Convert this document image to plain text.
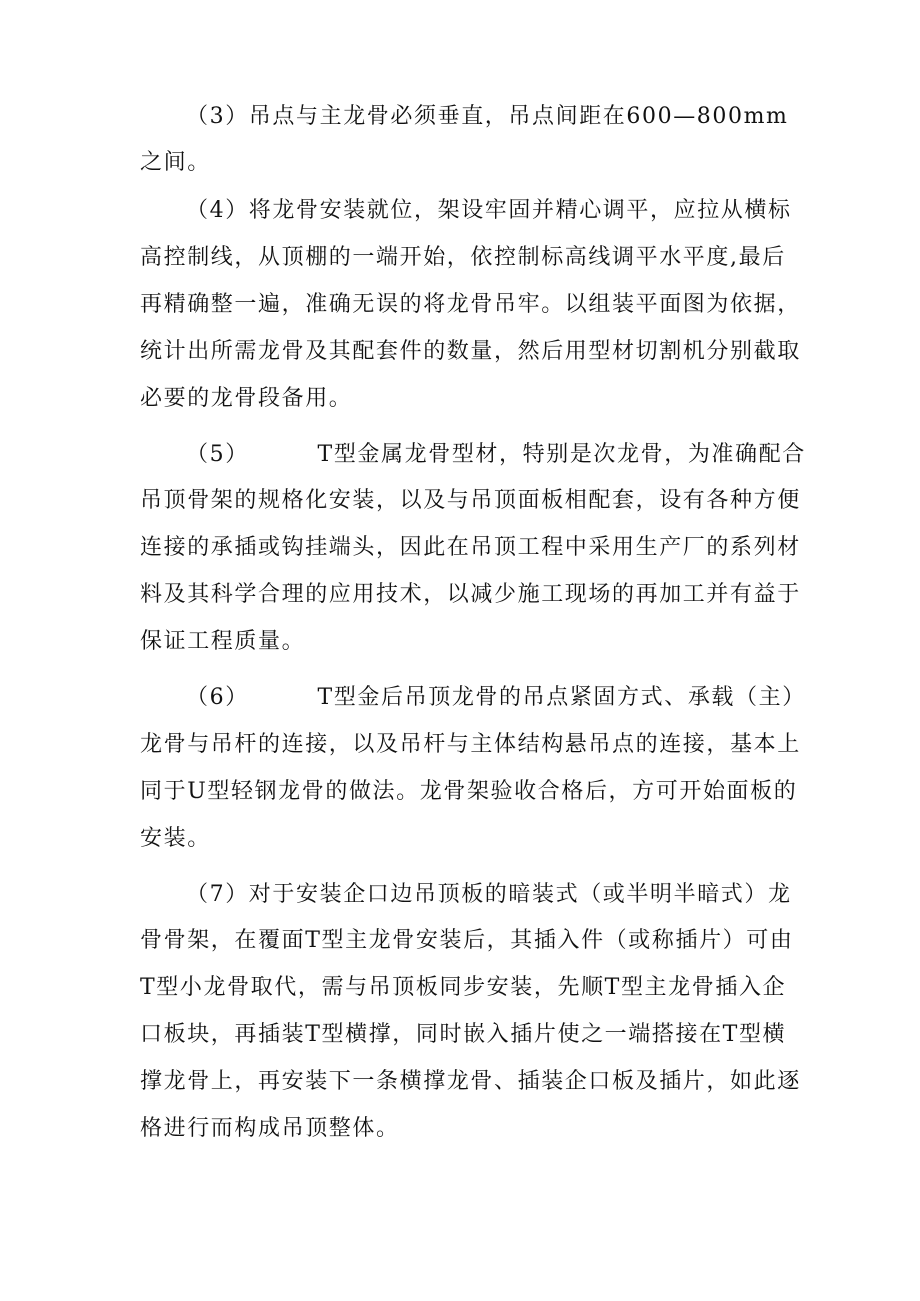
（3）吊点与主龙骨必须垂直，吊点间距在600—800mm

之间。

（4）将龙骨安装就位，架设牢固并精心调平，应拉从横标

高控制线，从顶棚的一端开始，依控制标高线调平水平度,最后

再精确整一遍，准确无误的将龙骨吊牢。以组装平面图为依据，

统计出所需龙骨及其配套件的数量，然后用型材切割机分别截取

必要的龙骨段备用。

（5）        T型金属龙骨型材，特别是次龙骨，为准确配合

吊顶骨架的规格化安装，以及与吊顶面板相配套，设有各种方便

连接的承插或钩挂端头，因此在吊顶工程中采用生产厂的系列材

料及其科学合理的应用技术，以减少施工现场的再加工并有益于

保证工程质量。

（6）        T型金后吊顶龙骨的吊点紧固方式、承载（主）

龙骨与吊杆的连接，以及吊杆与主体结构悬吊点的连接，基本上

同于U型轻钢龙骨的做法。龙骨架验收合格后，方可开始面板的

安装。

（7）对于安装企口边吊顶板的暗装式（或半明半暗式）龙

骨骨架，在覆面T型主龙骨安装后，其插入件（或称插片）可由

T型小龙骨取代，需与吊顶板同步安装，先顺T型主龙骨插入企

口板块，再插装T型横撑，同时嵌入插片使之一端搭接在T型横

撑龙骨上，再安装下一条横撑龙骨、插装企口板及插片，如此逐

格进行而构成吊顶整体。
